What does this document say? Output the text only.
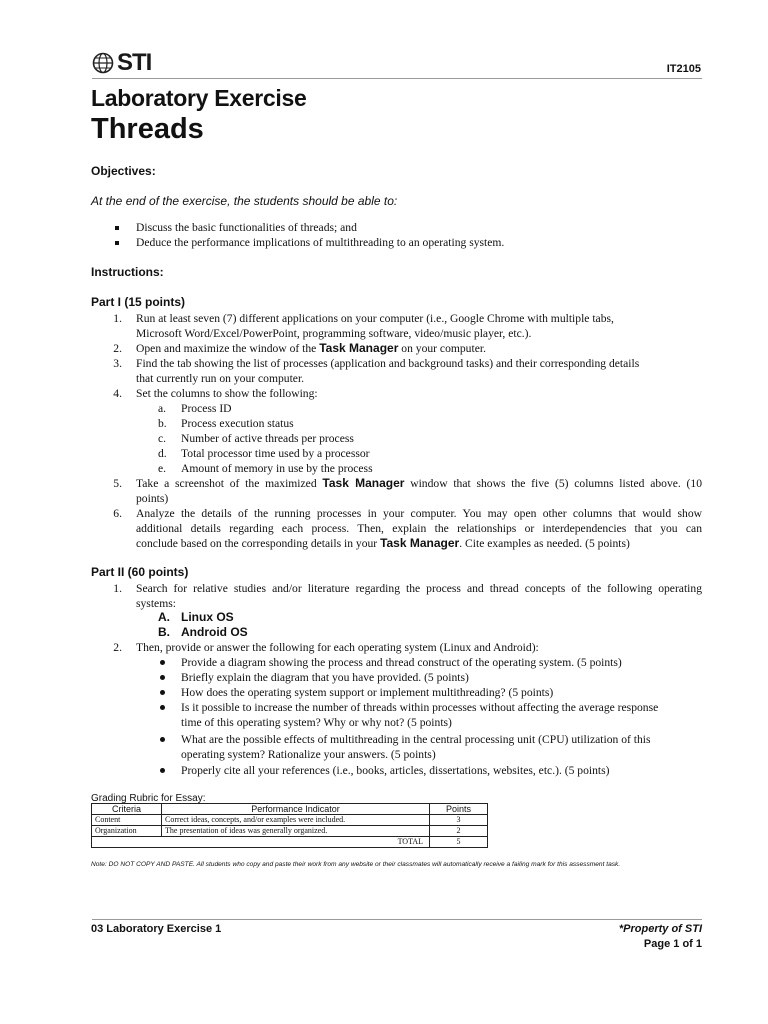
STI	IT2105
Laboratory Exercise
Threads
Objectives:
At the end of the exercise, the students should be able to:
Discuss the basic functionalities of threads; and
Deduce the performance implications of multithreading to an operating system.
Instructions:
Part I (15 points)
1. Run at least seven (7) different applications on your computer (i.e., Google Chrome with multiple tabs,
Microsoft Word/Excel/PowerPoint, programming software, video/music player, etc.).
2. Open and maximize the window of the Task Manager on your computer.
3. Find the tab showing the list of processes (application and background tasks) and their corresponding details
that currently run on your computer.
4. Set the columns to show the following:
a. Process ID
b. Process execution status
c. Number of active threads per process
d. Total processor time used by a processor
e. Amount of memory in use by the process
5. Take a screenshot of the maximized Task Manager window that shows the five (5) columns listed above. (10
points)
6. Analyze the details of the running processes in your computer. You may open other columns that would show
additional details regarding each process. Then, explain the relationships or interdependencies that you can
conclude based on the corresponding details in your Task Manager. Cite examples as needed. (5 points)
Part II (60 points)
1. Search for relative studies and/or literature regarding the process and thread concepts of the following operating
systems:
A. Linux OS
B. Android OS
2. Then, provide or answer the following for each operating system (Linux and Android):
Provide a diagram showing the process and thread construct of the operating system. (5 points)
Briefly explain the diagram that you have provided. (5 points)
How does the operating system support or implement multithreading? (5 points)
Is it possible to increase the number of threads within processes without affecting the average response
time of this operating system? Why or why not? (5 points)
What are the possible effects of multithreading in the central processing unit (CPU) utilization of this
operating system? Rationalize your answers. (5 points)
Properly cite all your references (i.e., books, articles, dissertations, websites, etc.). (5 points)
Grading Rubric for Essay:
Criteria	Performance Indicator	Points
Content	Correct ideas, concepts, and/or examples were included.	3
Organization	The presentation of ideas was generally organized.	2
TOTAL		5
Note: DO NOT COPY AND PASTE. All students who copy and paste their work from any website or their classmates will automatically receive a failing mark for this assessment task.
03 Laboratory Exercise 1	*Property of STI
Page 1 of 1
